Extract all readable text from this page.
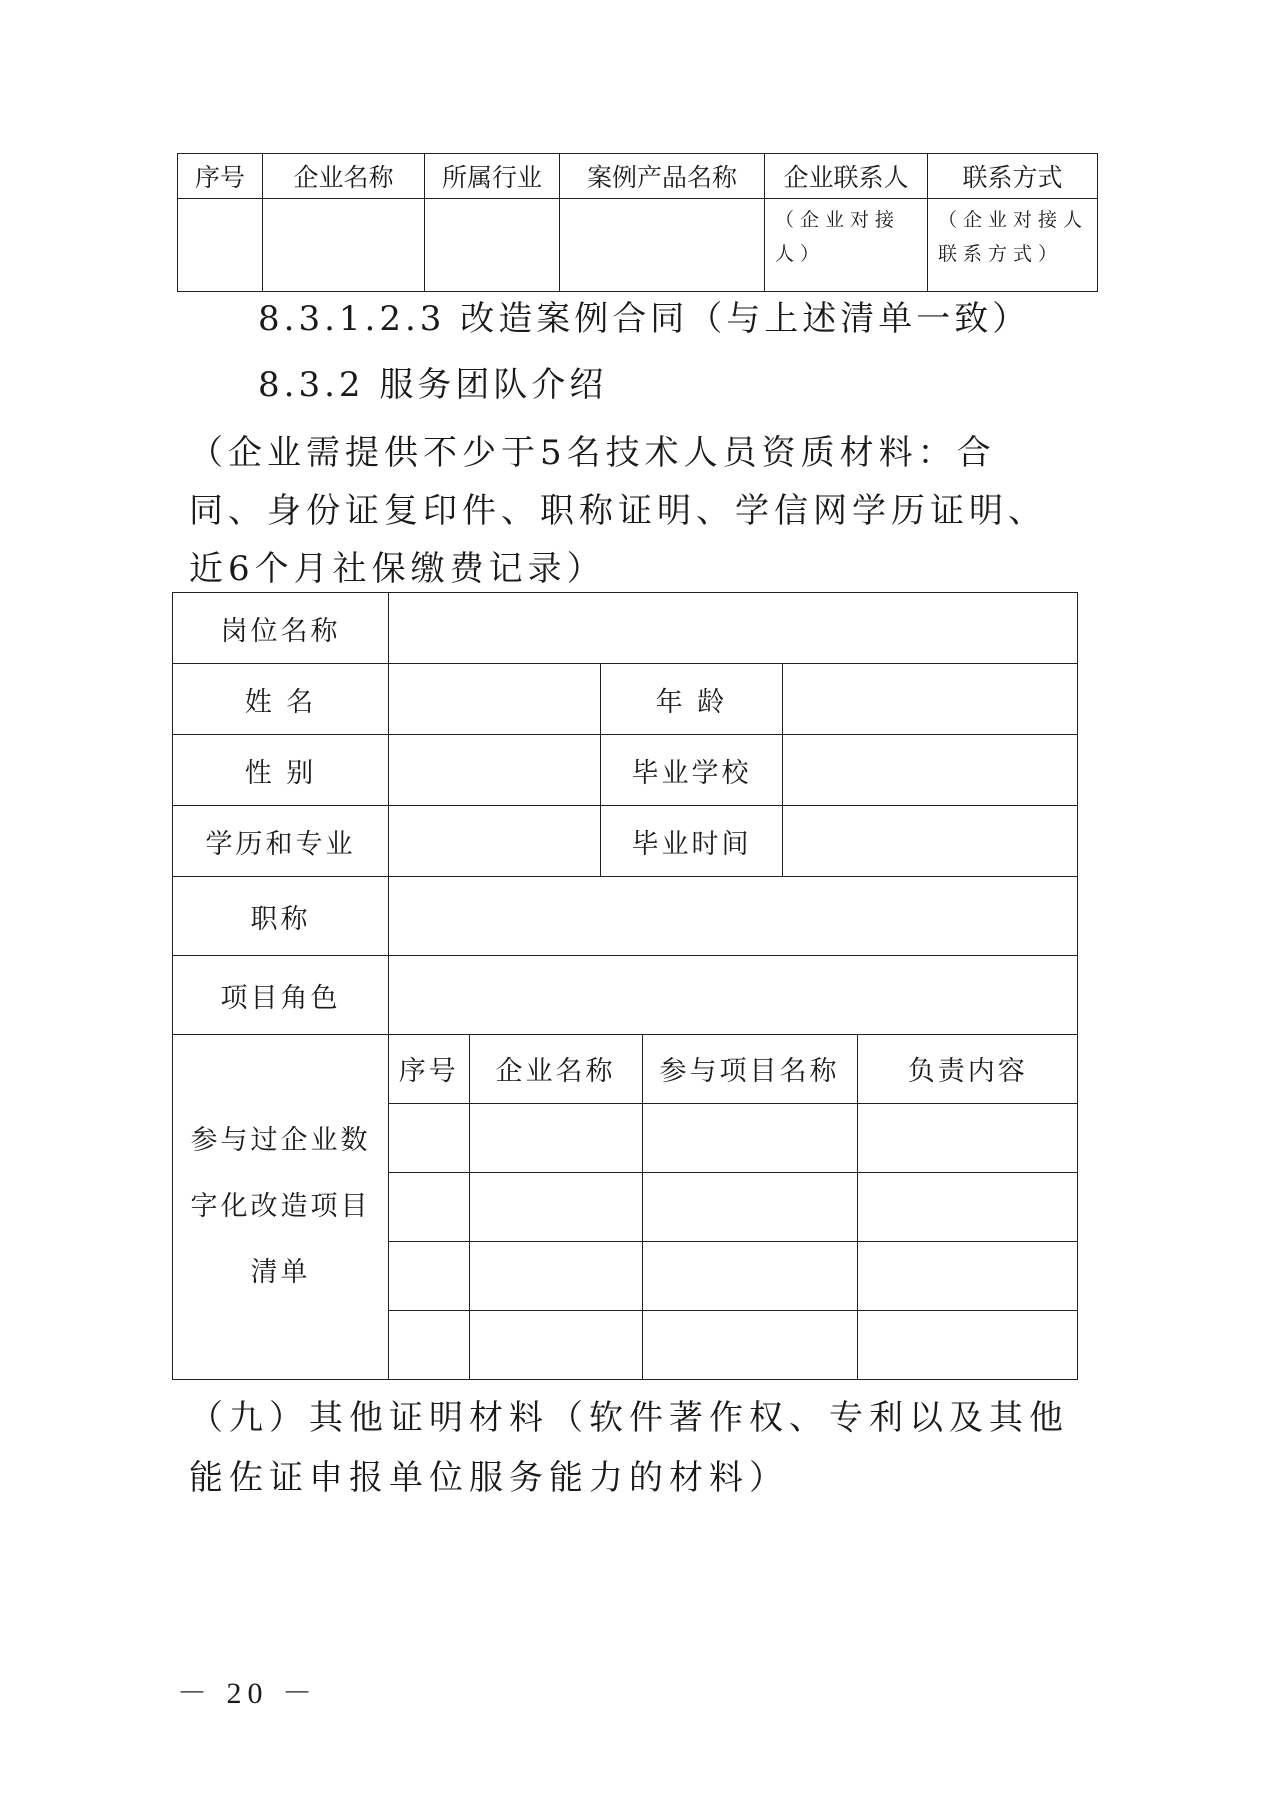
序号	企业名称	所属行业	案例产品名称	企业联系人	联系方式
				（企业对接人）	（企业对接人联系方式）
8.3.1.2.3 改造案例合同（与上述清单一致）
8.3.2 服务团队介绍
（企业需提供不少于5名技术人员资质材料：合同、身份证复印件、职称证明、学信网学历证明、近6个月社保缴费记录）
岗位名称	
姓 名		年 龄	
性 别		毕业学校	
学历和专业		毕业时间	
职称	
项目角色	
参与过企业数字化改造项目清单	
序号	企业名称	参与项目名称	负责内容

（九）其他证明材料（软件著作权、专利以及其他能佐证申报单位服务能力的材料）
－ 20 －
